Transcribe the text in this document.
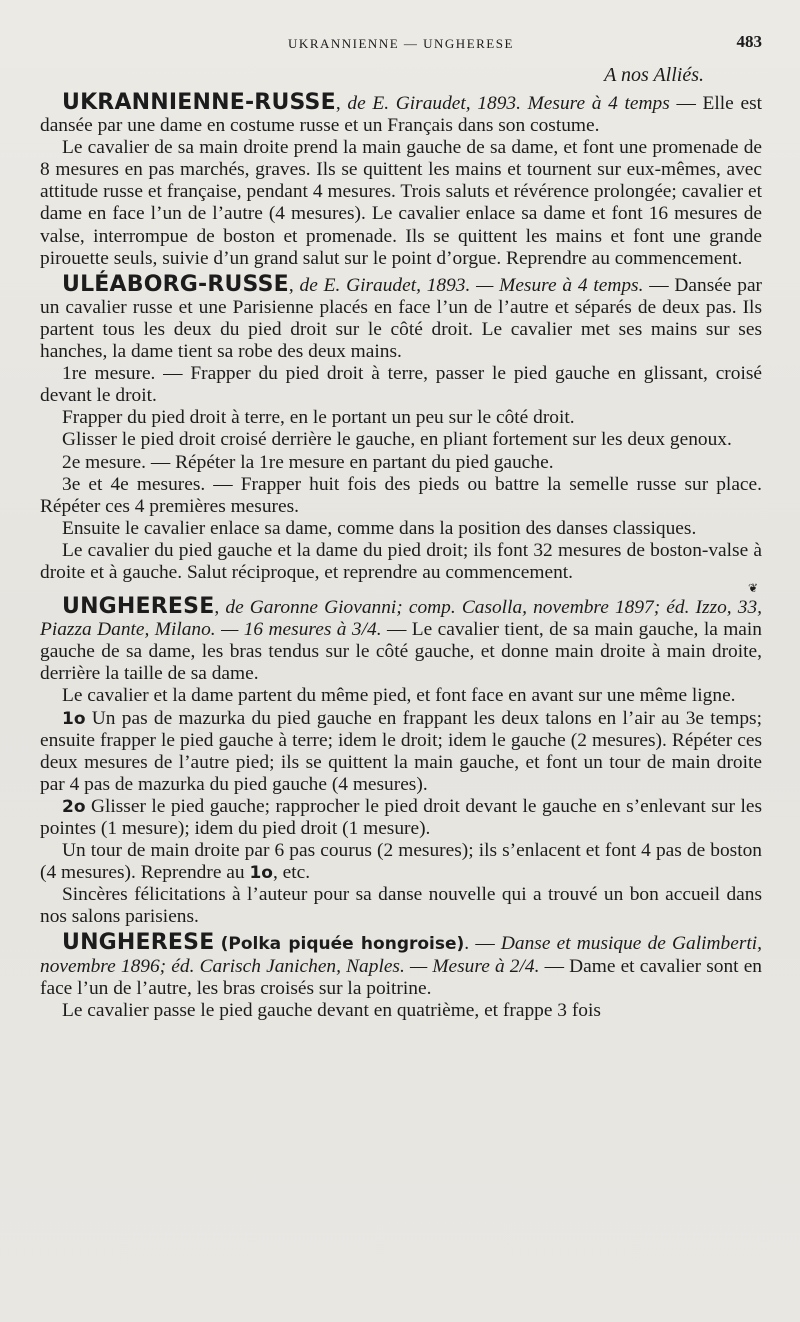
UKRANNIENNE — UNGHERESE	483
A nos Alliés.

UKRANNIENNE-RUSSE, de E. Giraudet, 1893. Mesure à 4 temps — Elle est dansée par une dame en costume russe et un Français dans son costume.

Le cavalier de sa main droite prend la main gauche de sa dame, et font une promenade de 8 mesures en pas marchés, graves. Ils se quittent les mains et tournent sur eux-mêmes, avec attitude russe et française, pendant 4 mesures. Trois saluts et révérence prolongée; cavalier et dame en face l’un de l’autre (4 mesures). Le cavalier enlace sa dame et font 16 mesures de valse, interrompue de boston et promenade. Ils se quittent les mains et font une grande pirouette seuls, suivie d’un grand salut sur le point d’orgue. Reprendre au commencement.

ULÉABORG-RUSSE, de E. Giraudet, 1893. — Mesure à 4 temps. — Dansée par un cavalier russe et une Parisienne placés en face l’un de l’autre et séparés de deux pas. Ils partent tous les deux du pied droit sur le côté droit. Le cavalier met ses mains sur ses hanches, la dame tient sa robe des deux mains.

1re mesure. — Frapper du pied droit à terre, passer le pied gauche en glissant, croisé devant le droit.

Frapper du pied droit à terre, en le portant un peu sur le côté droit.

Glisser le pied droit croisé derrière le gauche, en pliant fortement sur les deux genoux.

2e mesure. — Répéter la 1re mesure en partant du pied gauche.

3e et 4e mesures. — Frapper huit fois des pieds ou battre la semelle russe sur place. Répéter ces 4 premières mesures.

Ensuite le cavalier enlace sa dame, comme dans la position des danses classiques.

Le cavalier du pied gauche et la dame du pied droit; ils font 32 mesures de boston-valse à droite et à gauche. Salut réciproque, et reprendre au commencement.

❦

UNGHERESE, de Garonne Giovanni; comp. Casolla, novembre 1897; éd. Izzo, 33, Piazza Dante, Milano. — 16 mesures à 3/4. — Le cavalier tient, de sa main gauche, la main gauche de sa dame, les bras tendus sur le côté gauche, et donne main droite à main droite, derrière la taille de sa dame.

Le cavalier et la dame partent du même pied, et font face en avant sur une même ligne.

1o Un pas de mazurka du pied gauche en frappant les deux talons en l’air au 3e temps; ensuite frapper le pied gauche à terre; idem le droit; idem le gauche (2 mesures). Répéter ces deux mesures de l’autre pied; ils se quittent la main gauche, et font un tour de main droite par 4 pas de mazurka du pied gauche (4 mesures).

2o Glisser le pied gauche; rapprocher le pied droit devant le gauche en s’enlevant sur les pointes (1 mesure); idem du pied droit (1 mesure).

Un tour de main droite par 6 pas courus (2 mesures); ils s’enlacent et font 4 pas de boston (4 mesures). Reprendre au 1o, etc.

Sincères félicitations à l’auteur pour sa danse nouvelle qui a trouvé un bon accueil dans nos salons parisiens.

UNGHERESE (Polka piquée hongroise). — Danse et musique de Galimberti, novembre 1896; éd. Carisch Janichen, Naples. — Mesure à 2/4. — Dame et cavalier sont en face l’un de l’autre, les bras croisés sur la poitrine.

Le cavalier passe le pied gauche devant en quatrième, et frappe 3 fois
